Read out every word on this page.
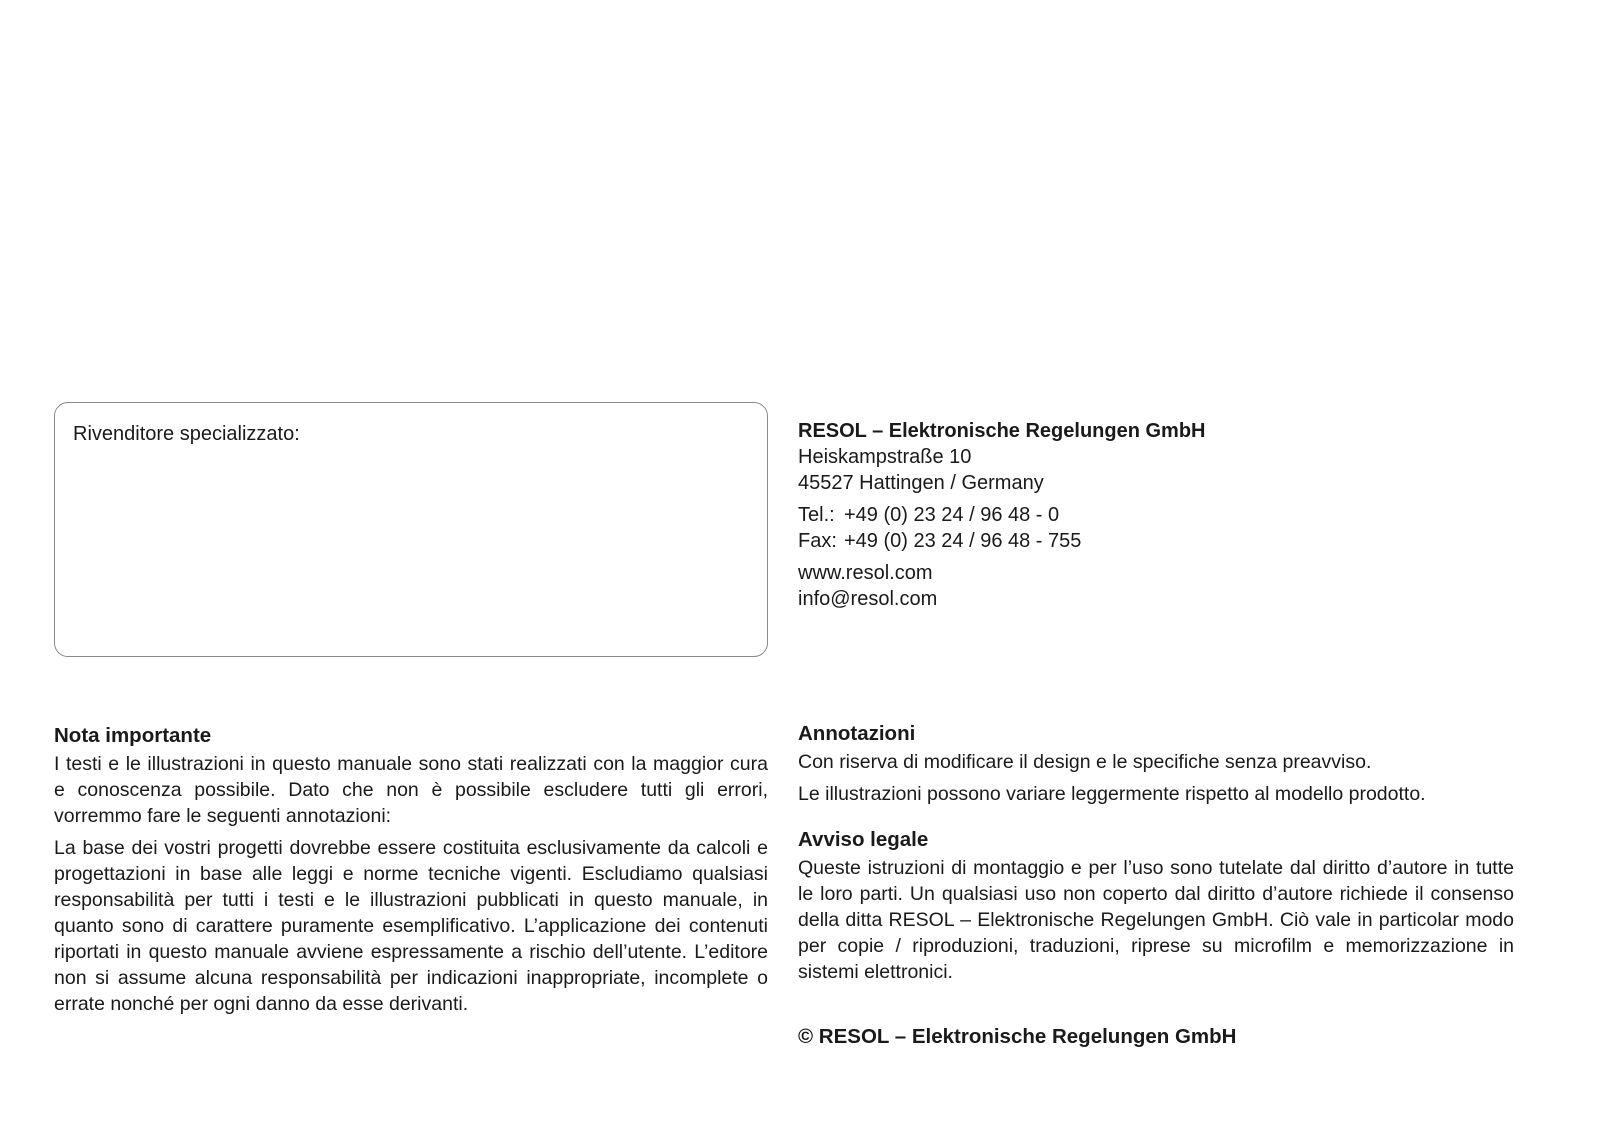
Rivenditore specializzato:	RESOL – Elektronische Regelungen GmbH

Heiskampstraße 10

45527 Hattingen / Germany

Tel.: +49 (0) 23 24 / 96 48 - 0

Fax: +49 (0) 23 24 / 96 48 - 755

www.resol.com

info@resol.com

Nota importante

I testi e le illustrazioni in questo manuale sono stati realizzati con la maggior cura e conoscenza possibile. Dato che non è possibile escludere tutti gli errori, vorremmo fare le seguenti annotazioni:

La base dei vostri progetti dovrebbe essere costituita esclusivamente da calcoli e progettazioni in base alle leggi e norme tecniche vigenti. Escludiamo qualsiasi responsabilità per tutti i testi e le illustrazioni pubblicati in questo manuale, in quanto sono di carattere puramente esemplificativo. L’applicazione dei contenuti riportati in questo manuale avviene espressamente a rischio dell’utente. L’editore non si assume alcuna responsabilità per indicazioni inappropriate, incomplete o errate nonché per ogni danno da esse derivanti.

Annotazioni

Con riserva di modificare il design e le specifiche senza preavviso.

Le illustrazioni possono variare leggermente rispetto al modello prodotto.

Avviso legale

Queste istruzioni di montaggio e per l’uso sono tutelate dal diritto d’autore in tutte le loro parti. Un qualsiasi uso non coperto dal diritto d’autore richiede il consenso della ditta RESOL – Elektronische Regelungen GmbH. Ciò vale in particolar modo per copie / riproduzioni, traduzioni, riprese su microfilm e memorizzazione in sistemi elettronici.

© RESOL – Elektronische Regelungen GmbH
